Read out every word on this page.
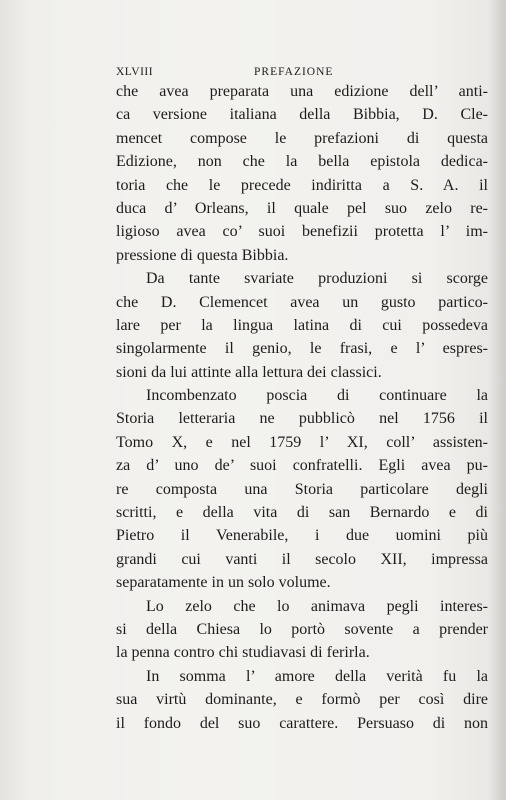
XLVIII	PREFAZIONE
che avea preparata una edizione dell’ anti-
ca versione italiana della Bibbia, D. Cle-
mencet compose le prefazioni di questa
Edizione, non che la bella epistola dedica-
toria che le precede indiritta a S. A. il
duca d’ Orleans, il quale pel suo zelo re-
ligioso avea co’ suoi benefizii protetta l’ im-
pressione di questa Bibbia.
Da tante svariate produzioni si scorge
che D. Clemencet avea un gusto partico-
lare per la lingua latina di cui possedeva
singolarmente il genio, le frasi, e l’ espres-
sioni da lui attinte alla lettura dei classici.
Incombenzato poscia di continuare la
Storia letteraria ne pubblicò nel 1756 il
Tomo X, e nel 1759 l’ XI, coll’ assisten-
za d’ uno de’ suoi confratelli. Egli avea pu-
re composta una Storia particolare degli
scritti, e della vita di san Bernardo e di
Pietro il Venerabile, i due uomini più
grandi cui vanti il secolo XII, impressa
separatamente in un solo volume.
Lo zelo che lo animava pegli interes-
si della Chiesa lo portò sovente a prender
la penna contro chi studiavasi di ferirla.
In somma l’ amore della verità fu la
sua virtù dominante, e formò per così dire
il fondo del suo carattere. Persuaso di non
